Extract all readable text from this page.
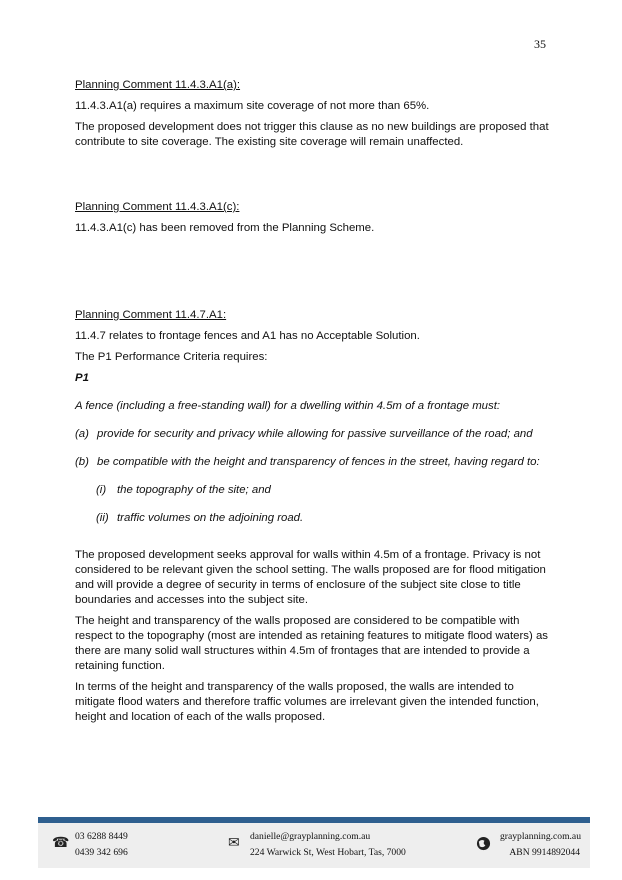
35

Planning Comment 11.4.3.A1(a):

11.4.3.A1(a) requires a maximum site coverage of not more than 65%.

The proposed development does not trigger this clause as no new buildings are proposed that contribute to site coverage. The existing site coverage will remain unaffected.

Planning Comment 11.4.3.A1(c):

11.4.3.A1(c) has been removed from the Planning Scheme.

Planning Comment 11.4.7.A1:

11.4.7 relates to frontage fences and A1 has no Acceptable Solution.

The P1 Performance Criteria requires:

P1

A fence (including a free-standing wall) for a dwelling within 4.5m of a frontage must:

(a) provide for security and privacy while allowing for passive surveillance of the road; and
(b) be compatible with the height and transparency of fences in the street, having regard to:
(i) the topography of the site; and
(ii) traffic volumes on the adjoining road.

The proposed development seeks approval for walls within 4.5m of a frontage. Privacy is not considered to be relevant given the school setting. The walls proposed are for flood mitigation and will provide a degree of security in terms of enclosure of the subject site close to title boundaries and accesses into the subject site.

The height and transparency of the walls proposed are considered to be compatible with respect to the topography (most are intended as retaining features to mitigate flood waters) as there are many solid wall structures within 4.5m of frontages that are intended to provide a retaining function.

In terms of the height and transparency of the walls proposed, the walls are intended to mitigate flood waters and therefore traffic volumes are irrelevant given the intended function, height and location of each of the walls proposed.

☎ 03 6288 8449
0439 342 696
✉ danielle@grayplanning.com.au
224 Warwick St, West Hobart, Tas, 7000
grayplanning.com.au
ABN 9914892044
